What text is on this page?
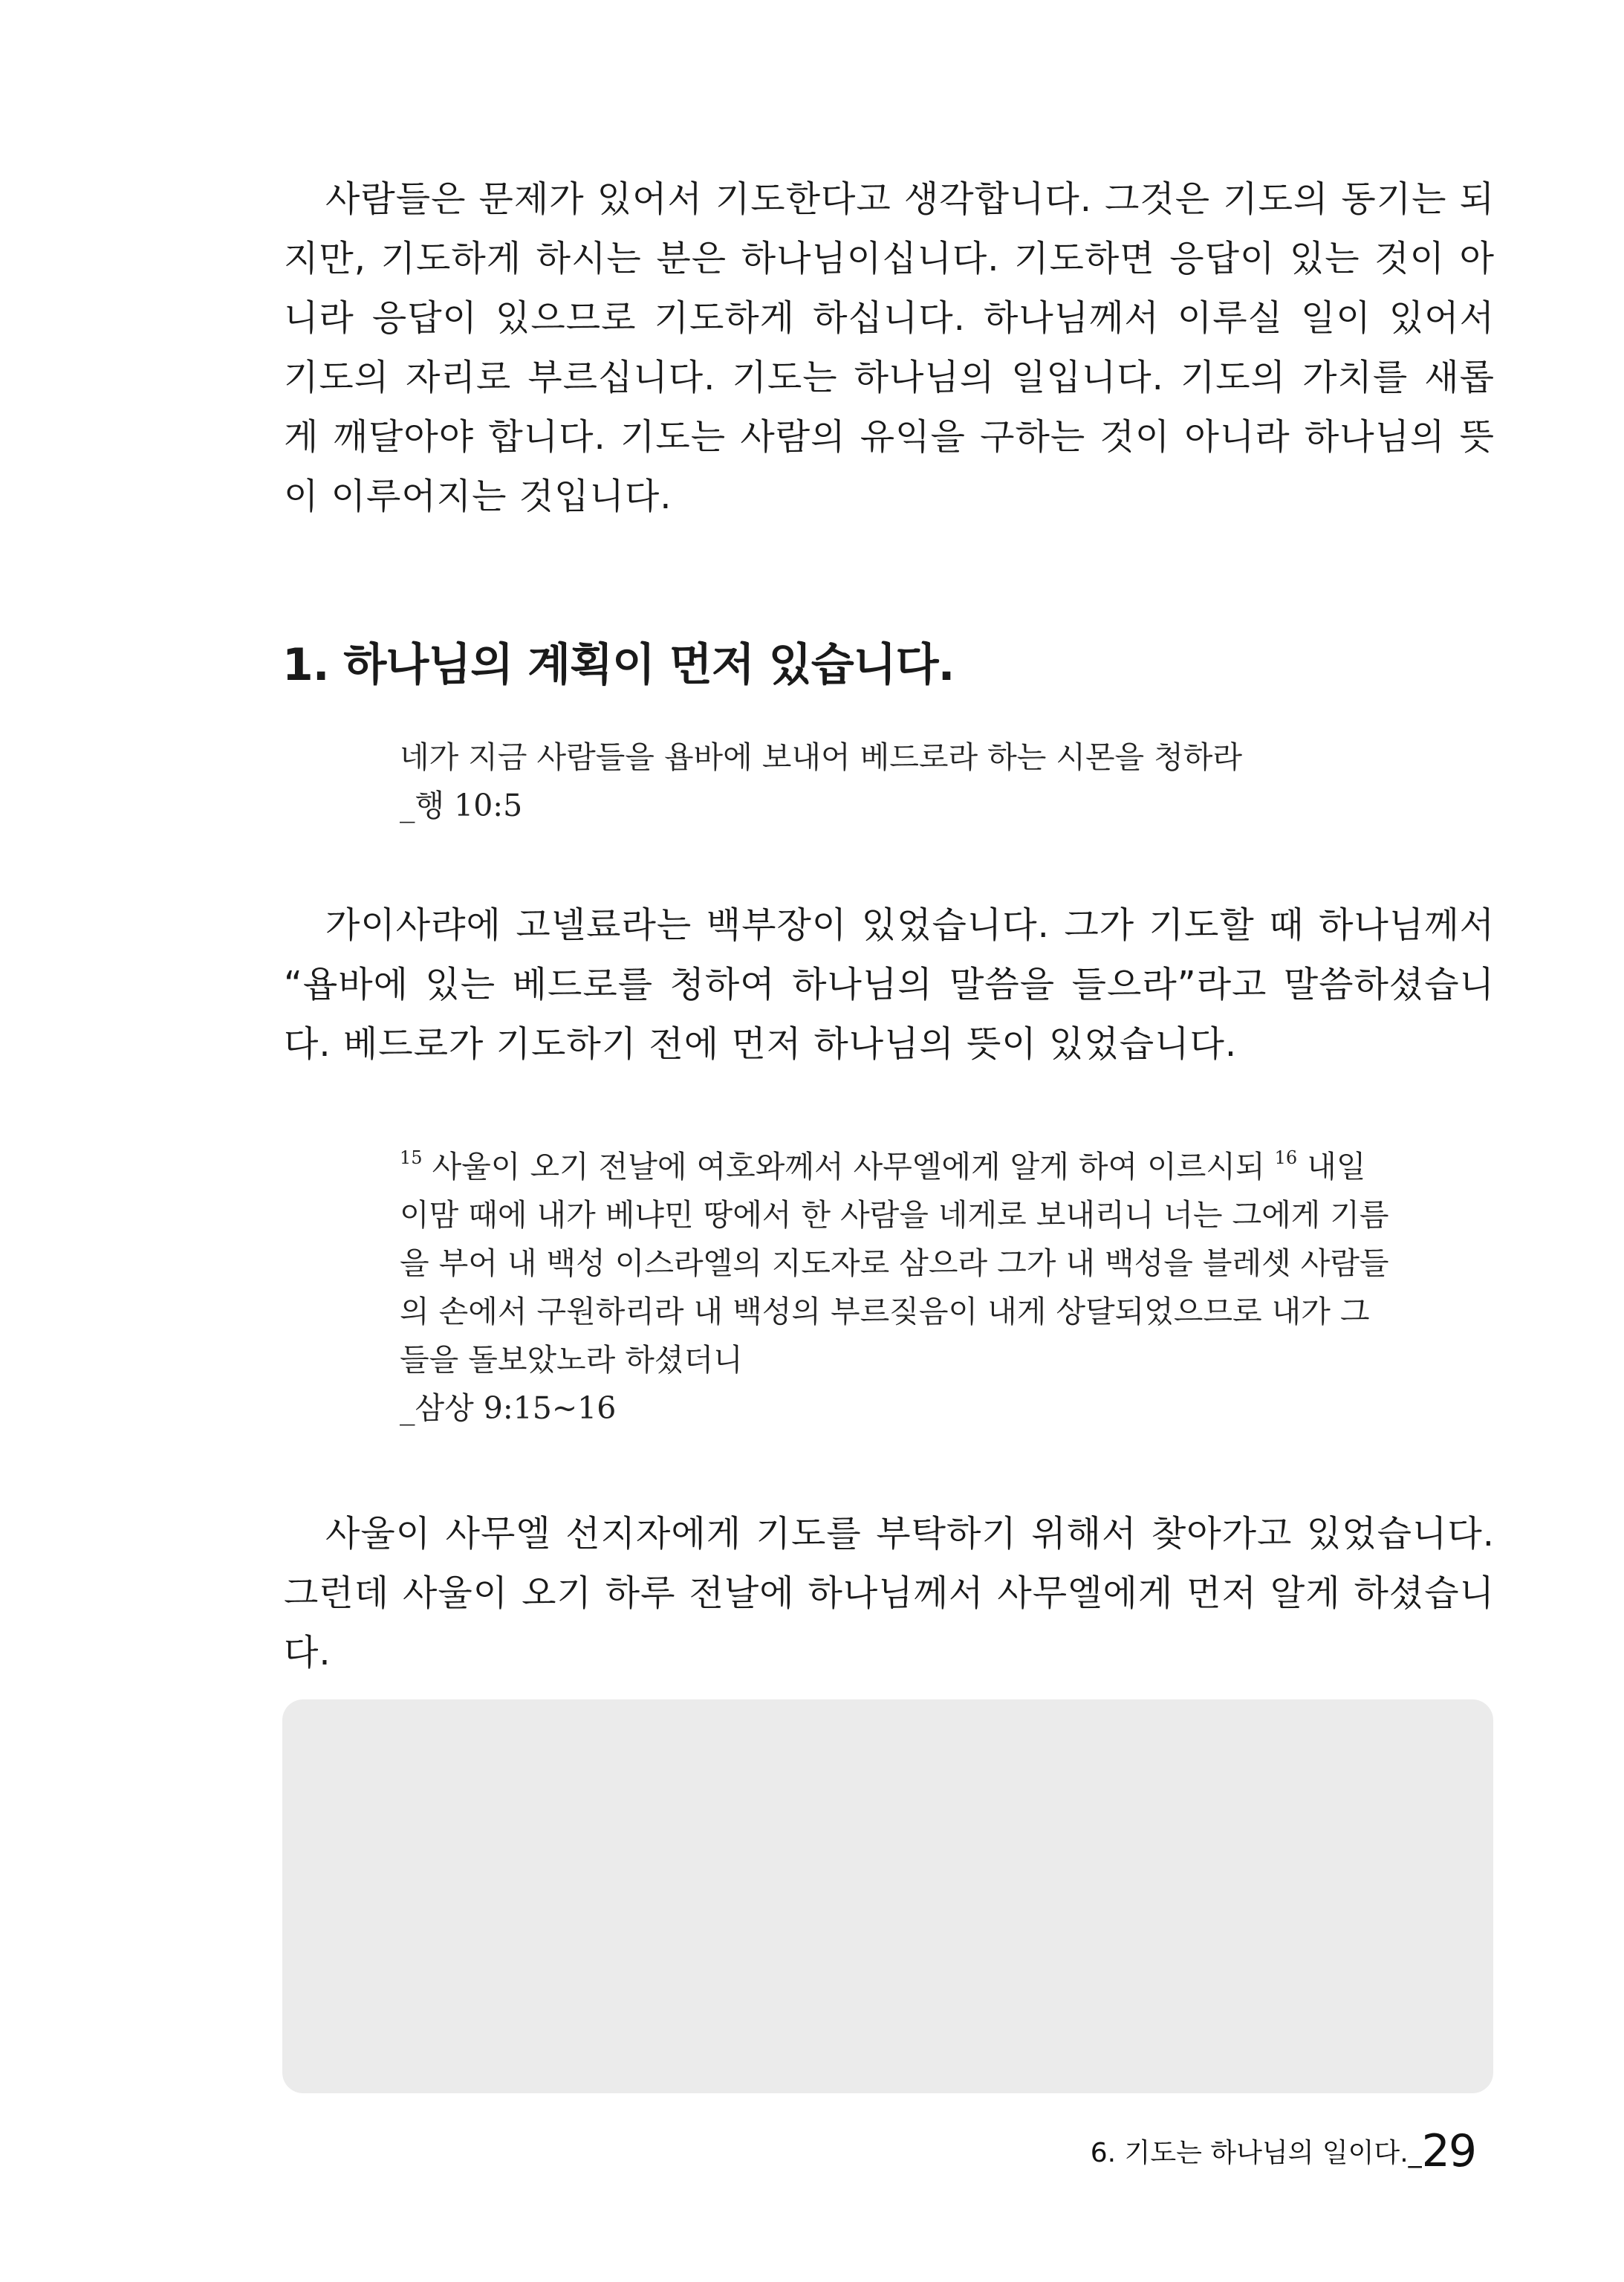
사람들은 문제가 있어서 기도한다고 생각합니다. 그것은 기도의 동기는 되지만, 기도하게 하시는 분은 하나님이십니다. 기도하면 응답이 있는 것이 아니라 응답이 있으므로 기도하게 하십니다. 하나님께서 이루실 일이 있어서 기도의 자리로 부르십니다. 기도는 하나님의 일입니다. 기도의 가치를 새롭게 깨달아야 합니다. 기도는 사람의 유익을 구하는 것이 아니라 하나님의 뜻이 이루어지는 것입니다.

1. 하나님의 계획이 먼저 있습니다.
네가 지금 사람들을 욥바에 보내어 베드로라 하는 시몬을 청하라
_행 10:5

가이사랴에 고넬료라는 백부장이 있었습니다. 그가 기도할 때 하나님께서 “욥바에 있는 베드로를 청하여 하나님의 말씀을 들으라”라고 말씀하셨습니다. 베드로가 기도하기 전에 먼저 하나님의 뜻이 있었습니다.

$^{15}$ 사울이 오기 전날에 여호와께서 사무엘에게 알게 하여 이르시되 $^{16}$ 내일 이맘 때에 내가 베냐민 땅에서 한 사람을 네게로 보내리니 너는 그에게 기름을 부어 내 백성 이스라엘의 지도자로 삼으라 그가 내 백성을 블레셋 사람들의 손에서 구원하리라 내 백성의 부르짖음이 내게 상달되었으므로 내가 그들을 돌보았노라 하셨더니
_삼상 9:15~16

사울이 사무엘 선지자에게 기도를 부탁하기 위해서 찾아가고 있었습니다. 그런데 사울이 오기 하루 전날에 하나님께서 사무엘에게 먼저 알게 하셨습니다.

6. 기도는 하나님의 일이다._29
